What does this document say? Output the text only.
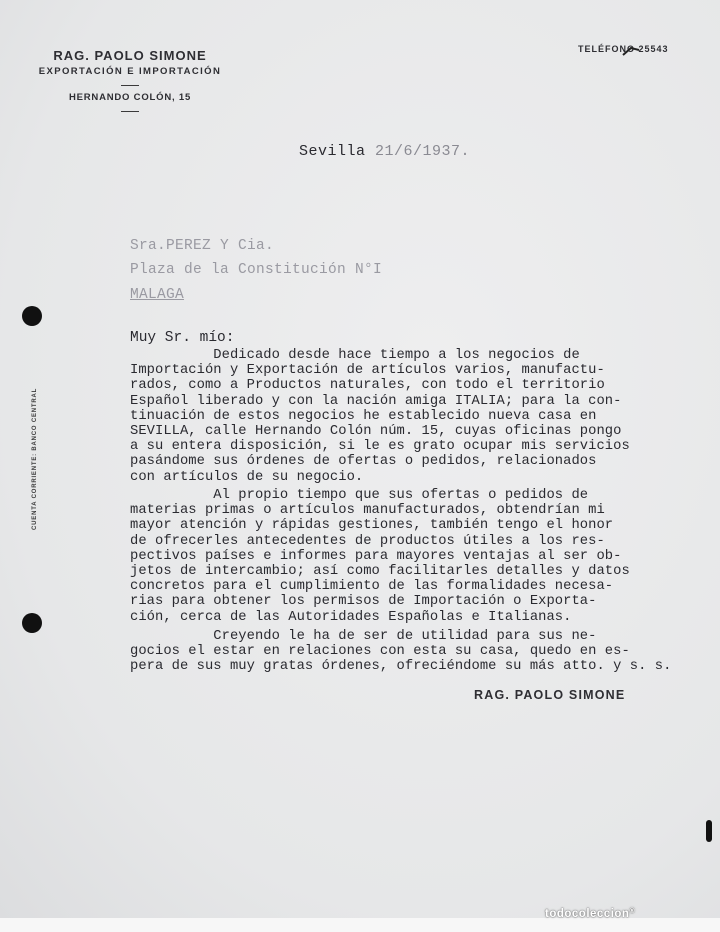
RAG. PAOLO SIMONE
EXPORTACIÓN E IMPORTACIÓN
HERNANDO COLÓN, 15
TELÉFONO 25543
CUENTA CORRIENTE: BANCO CENTRAL
Sevilla 21/6/1937.
Sra.PEREZ Y Cia.
Plaza de la Constitución N°I
MALAGA
Muy Sr. mío:
Dedicado desde hace tiempo a los negocios de
Importación y Exportación de artículos varios, manufactu-
rados, como a Productos naturales, con todo el territorio
Español liberado y con la nación amiga ITALIA; para la con-
tinuación de estos negocios he establecido nueva casa en
SEVILLA, calle Hernando Colón núm. 15, cuyas oficinas pongo
a su entera disposición, si le es grato ocupar mis servicios
pasándome sus órdenes de ofertas o pedidos, relacionados
con artículos de su negocio.
Al propio tiempo que sus ofertas o pedidos de
materias primas o artículos manufacturados, obtendrían mi
mayor atención y rápidas gestiones, también tengo el honor
de ofrecerles antecedentes de productos útiles a los res-
pectivos países e informes para mayores ventajas al ser ob-
jetos de intercambio; así como facilitarles detalles y datos
concretos para el cumplimiento de las formalidades necesa-
rias para obtener los permisos de Importación o Exporta-
ción, cerca de las Autoridades Españolas e Italianas.
Creyendo le ha de ser de utilidad para sus ne-
gocios el estar en relaciones con esta su casa, quedo en es-
pera de sus muy gratas órdenes, ofreciéndome su más atto. y s. s.
RAG. PAOLO SIMONE
todocoleccion®
